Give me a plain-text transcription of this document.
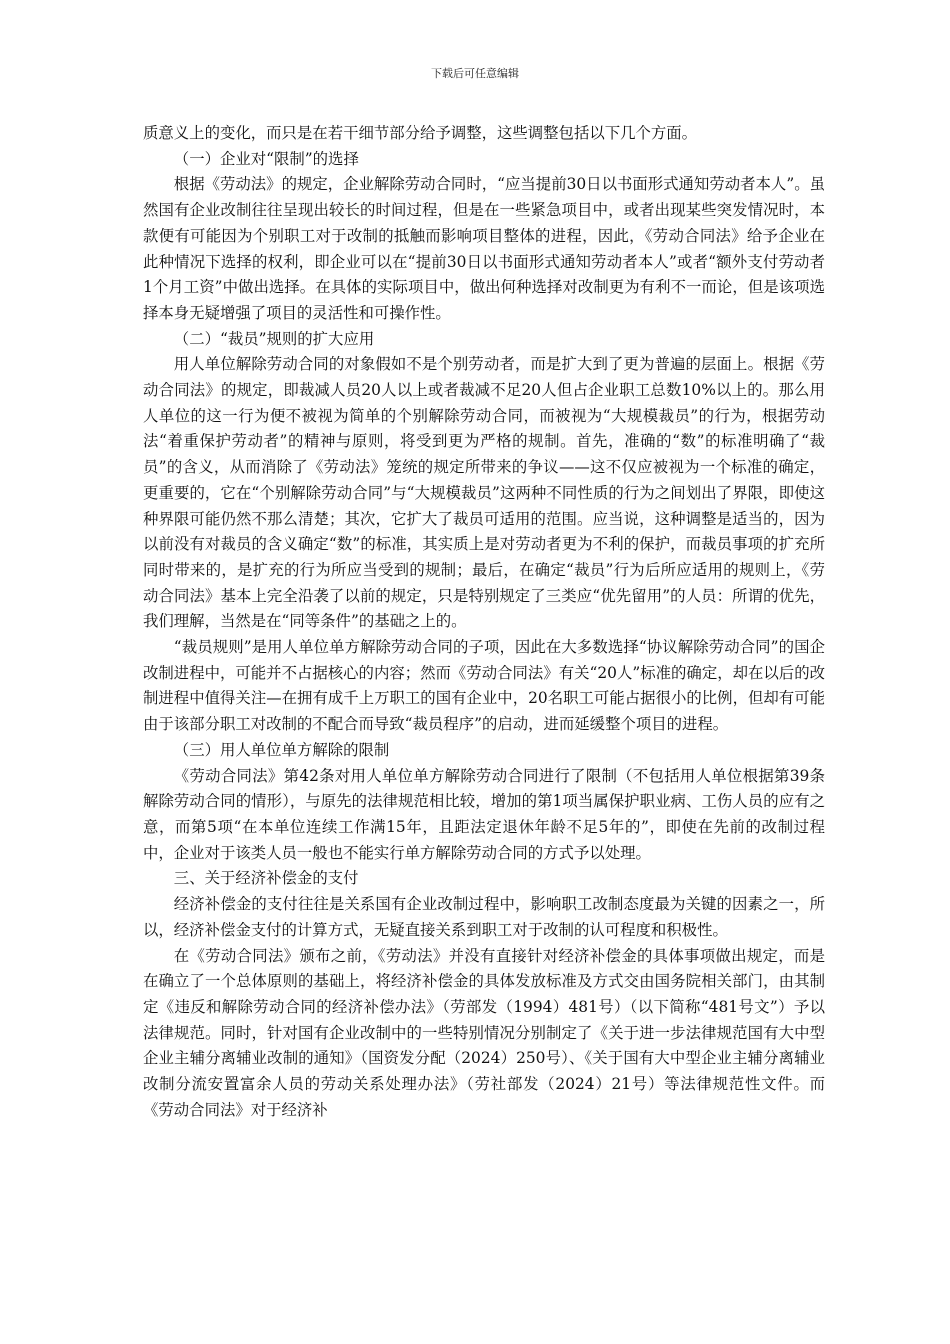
下载后可任意编辑

质意义上的变化，而只是在若干细节部分给予调整，这些调整包括以下几个方面。

（一）企业对“限制”的选择

根据《劳动法》的规定，企业解除劳动合同时，“应当提前30日以书面形式通知劳动者本人”。虽然国有企业改制往往呈现出较长的时间过程，但是在一些紧急项目中，或者出现某些突发情况时，本款便有可能因为个别职工对于改制的抵触而影响项目整体的进程，因此，《劳动合同法》给予企业在此种情况下选择的权利，即企业可以在“提前30日以书面形式通知劳动者本人”或者“额外支付劳动者1个月工资”中做出选择。在具体的实际项目中，做出何种选择对改制更为有利不一而论，但是该项选择本身无疑增强了项目的灵活性和可操作性。

（二）“裁员”规则的扩大应用

用人单位解除劳动合同的对象假如不是个别劳动者，而是扩大到了更为普遍的层面上。根据《劳动合同法》的规定，即裁减人员20人以上或者裁减不足20人但占企业职工总数10%以上的。那么用人单位的这一行为便不被视为简单的个别解除劳动合同，而被视为“大规模裁员”的行为，根据劳动法“着重保护劳动者”的精神与原则，将受到更为严格的规制。首先，准确的“数”的标准明确了“裁员”的含义，从而消除了《劳动法》笼统的规定所带来的争议——这不仅应被视为一个标准的确定，更重要的，它在“个别解除劳动合同”与“大规模裁员”这两种不同性质的行为之间划出了界限，即使这种界限可能仍然不那么清楚；其次，它扩大了裁员可适用的范围。应当说，这种调整是适当的，因为以前没有对裁员的含义确定“数”的标准，其实质上是对劳动者更为不利的保护，而裁员事项的扩充所同时带来的，是扩充的行为所应当受到的规制；最后，在确定“裁员”行为后所应适用的规则上，《劳动合同法》基本上完全沿袭了以前的规定，只是特别规定了三类应“优先留用”的人员：所谓的优先，我们理解，当然是在“同等条件”的基础之上的。

“裁员规则”是用人单位单方解除劳动合同的子项，因此在大多数选择“协议解除劳动合同”的国企改制进程中，可能并不占据核心的内容；然而《劳动合同法》有关“20人”标准的确定，却在以后的改制进程中值得关注—在拥有成千上万职工的国有企业中，20名职工可能占据很小的比例，但却有可能由于该部分职工对改制的不配合而导致“裁员程序”的启动，进而延缓整个项目的进程。

（三）用人单位单方解除的限制

《劳动合同法》第42条对用人单位单方解除劳动合同进行了限制（不包括用人单位根据第39条解除劳动合同的情形），与原先的法律规范相比较，增加的第1项当属保护职业病、工伤人员的应有之意，而第5项“在本单位连续工作满15年，且距法定退休年龄不足5年的”，即使在先前的改制过程中，企业对于该类人员一般也不能实行单方解除劳动合同的方式予以处理。

三、关于经济补偿金的支付

经济补偿金的支付往往是关系国有企业改制过程中，影响职工改制态度最为关键的因素之一，所以，经济补偿金支付的计算方式，无疑直接关系到职工对于改制的认可程度和积极性。

在《劳动合同法》颁布之前，《劳动法》并没有直接针对经济补偿金的具体事项做出规定，而是在确立了一个总体原则的基础上，将经济补偿金的具体发放标准及方式交由国务院相关部门，由其制定《违反和解除劳动合同的经济补偿办法》（劳部发（1994）481号）（以下简称“481号文”）予以法律规范。同时，针对国有企业改制中的一些特别情况分别制定了《关于进一步法律规范国有大中型企业主辅分离辅业改制的通知》（国资发分配（2024）250号）、《关于国有大中型企业主辅分离辅业改制分流安置富余人员的劳动关系处理办法》（劳社部发（2024）21号）等法律规范性文件。而《劳动合同法》对于经济补
